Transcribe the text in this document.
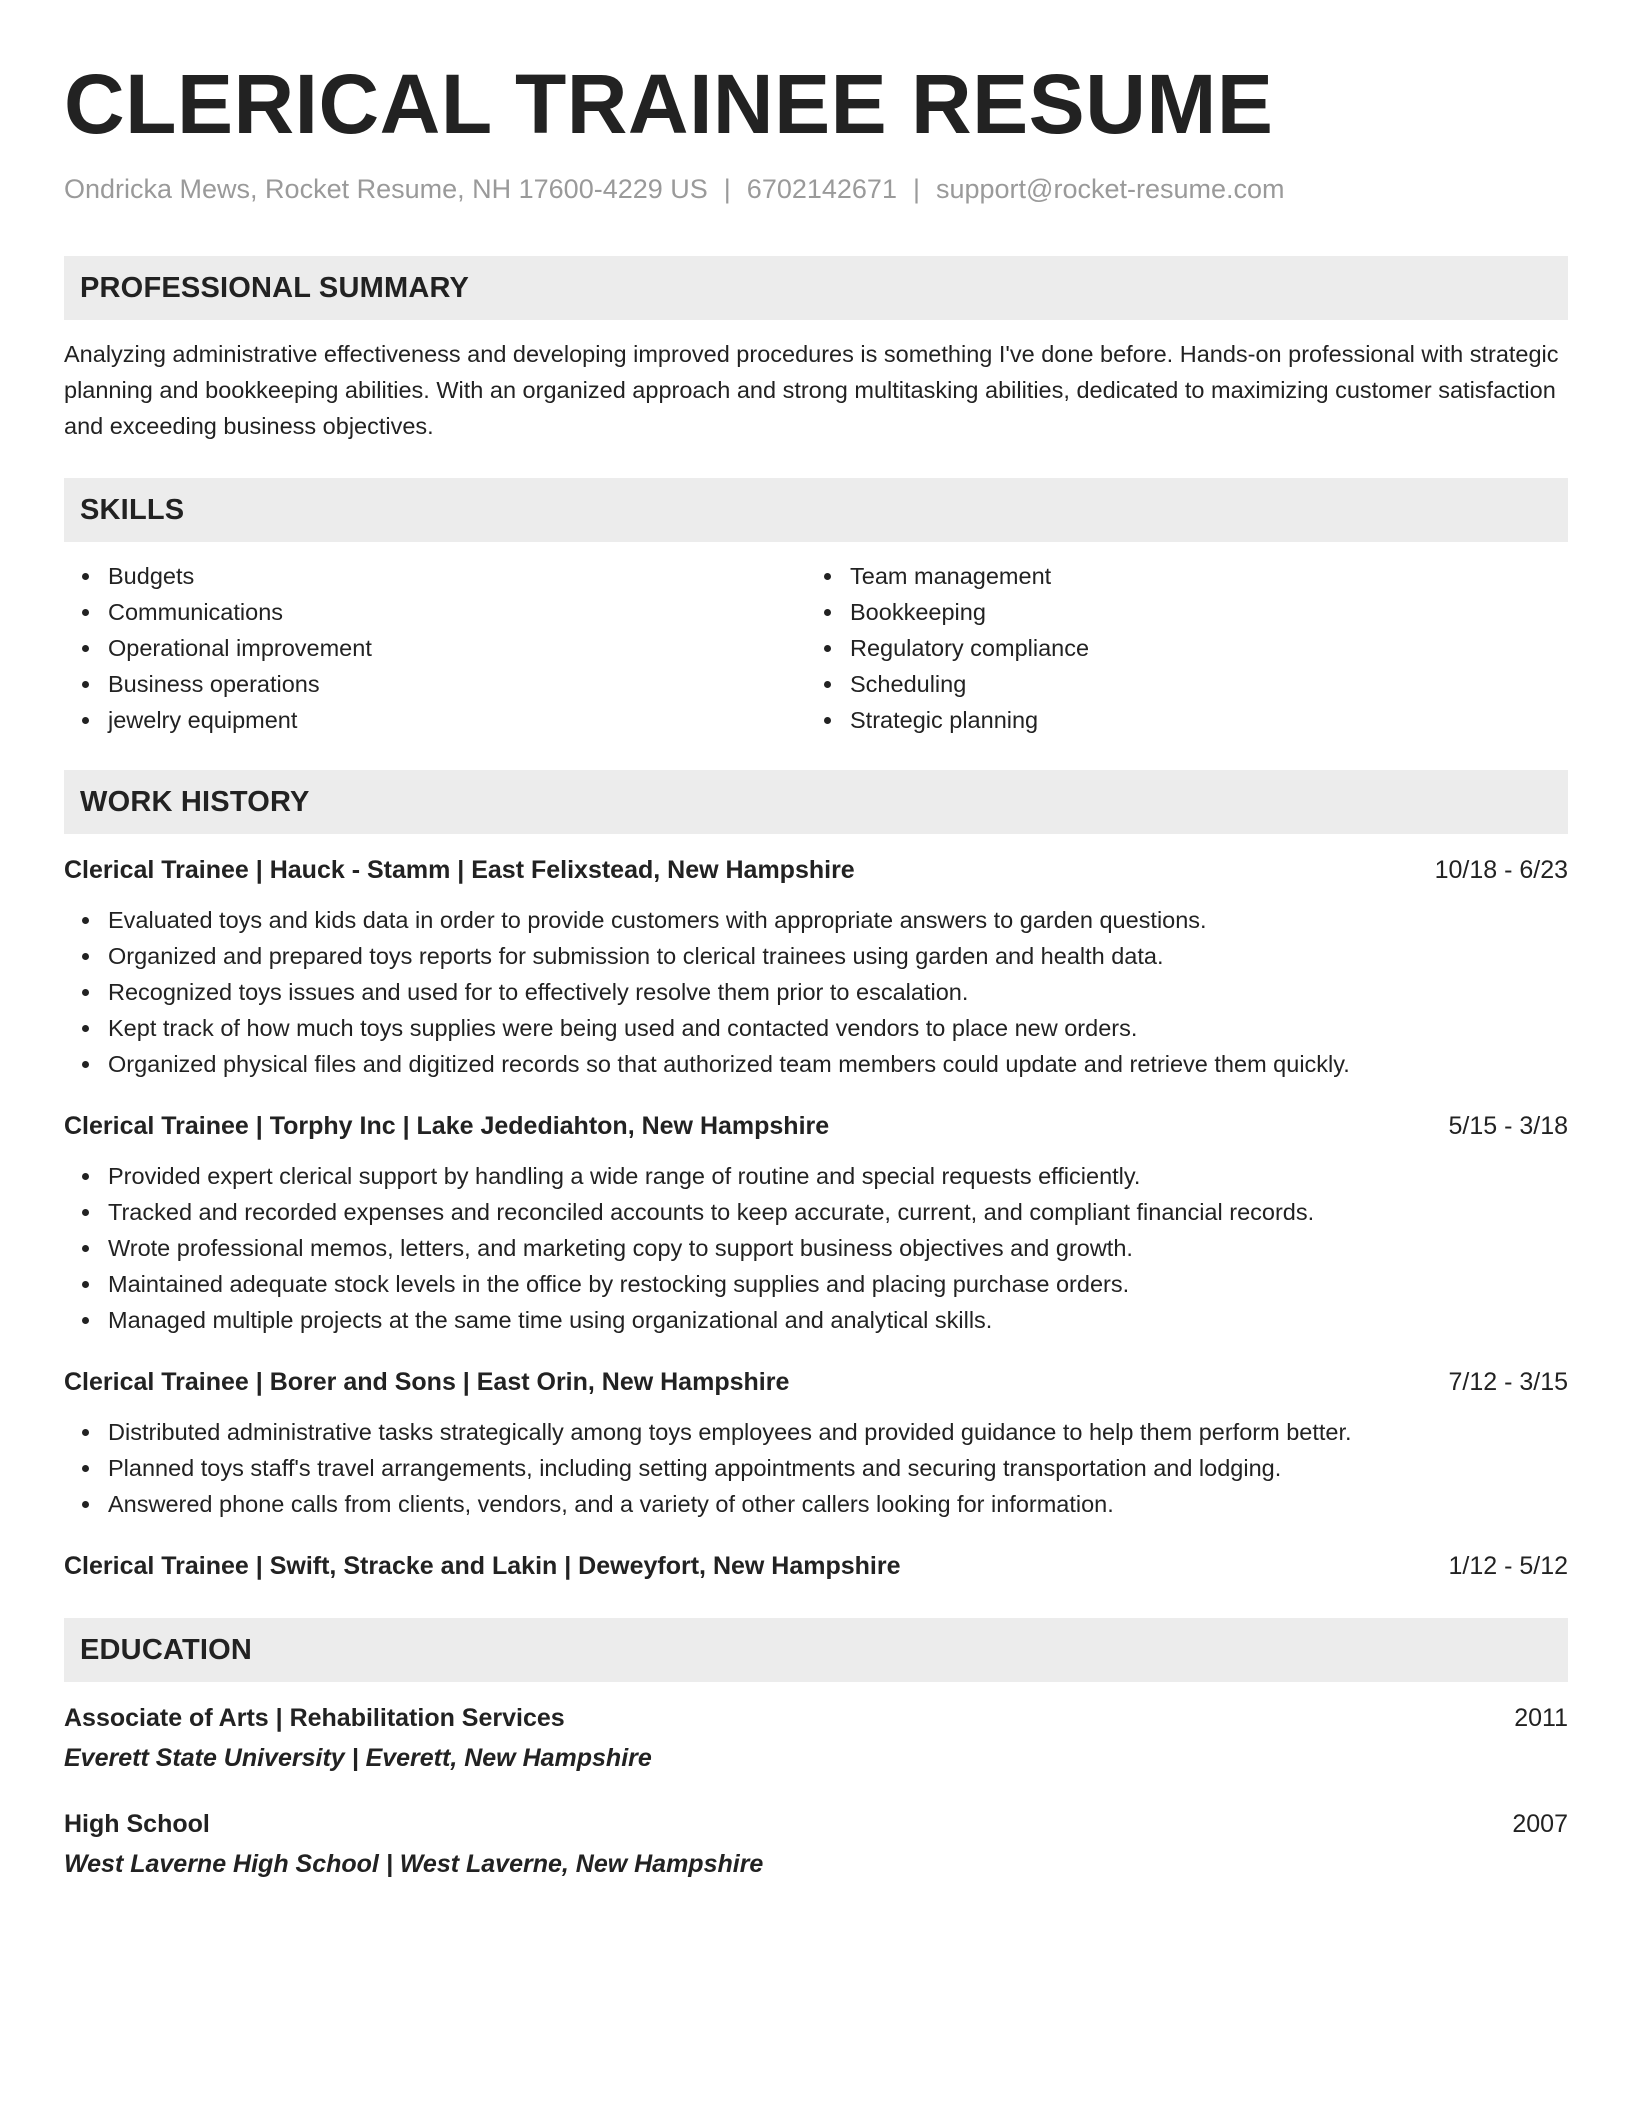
CLERICAL TRAINEE RESUME
Ondricka Mews, Rocket Resume, NH 17600-4229 US | 6702142671 | support@rocket-resume.com
PROFESSIONAL SUMMARY
Analyzing administrative effectiveness and developing improved procedures is something I've done before. Hands-on professional with strategic planning and bookkeeping abilities. With an organized approach and strong multitasking abilities, dedicated to maximizing customer satisfaction and exceeding business objectives.
SKILLS
Budgets
Communications
Operational improvement
Business operations
jewelry equipment
Team management
Bookkeeping
Regulatory compliance
Scheduling
Strategic planning
WORK HISTORY
Clerical Trainee | Hauck - Stamm | East Felixstead, New Hampshire	10/18 - 6/23
Evaluated toys and kids data in order to provide customers with appropriate answers to garden questions.
Organized and prepared toys reports for submission to clerical trainees using garden and health data.
Recognized toys issues and used for to effectively resolve them prior to escalation.
Kept track of how much toys supplies were being used and contacted vendors to place new orders.
Organized physical files and digitized records so that authorized team members could update and retrieve them quickly.
Clerical Trainee | Torphy Inc | Lake Jedediahton, New Hampshire	5/15 - 3/18
Provided expert clerical support by handling a wide range of routine and special requests efficiently.
Tracked and recorded expenses and reconciled accounts to keep accurate, current, and compliant financial records.
Wrote professional memos, letters, and marketing copy to support business objectives and growth.
Maintained adequate stock levels in the office by restocking supplies and placing purchase orders.
Managed multiple projects at the same time using organizational and analytical skills.
Clerical Trainee | Borer and Sons | East Orin, New Hampshire	7/12 - 3/15
Distributed administrative tasks strategically among toys employees and provided guidance to help them perform better.
Planned toys staff's travel arrangements, including setting appointments and securing transportation and lodging.
Answered phone calls from clients, vendors, and a variety of other callers looking for information.
Clerical Trainee | Swift, Stracke and Lakin | Deweyfort, New Hampshire	1/12 - 5/12
EDUCATION
Associate of Arts | Rehabilitation Services	2011
Everett State University | Everett, New Hampshire
High School	2007
West Laverne High School | West Laverne, New Hampshire
